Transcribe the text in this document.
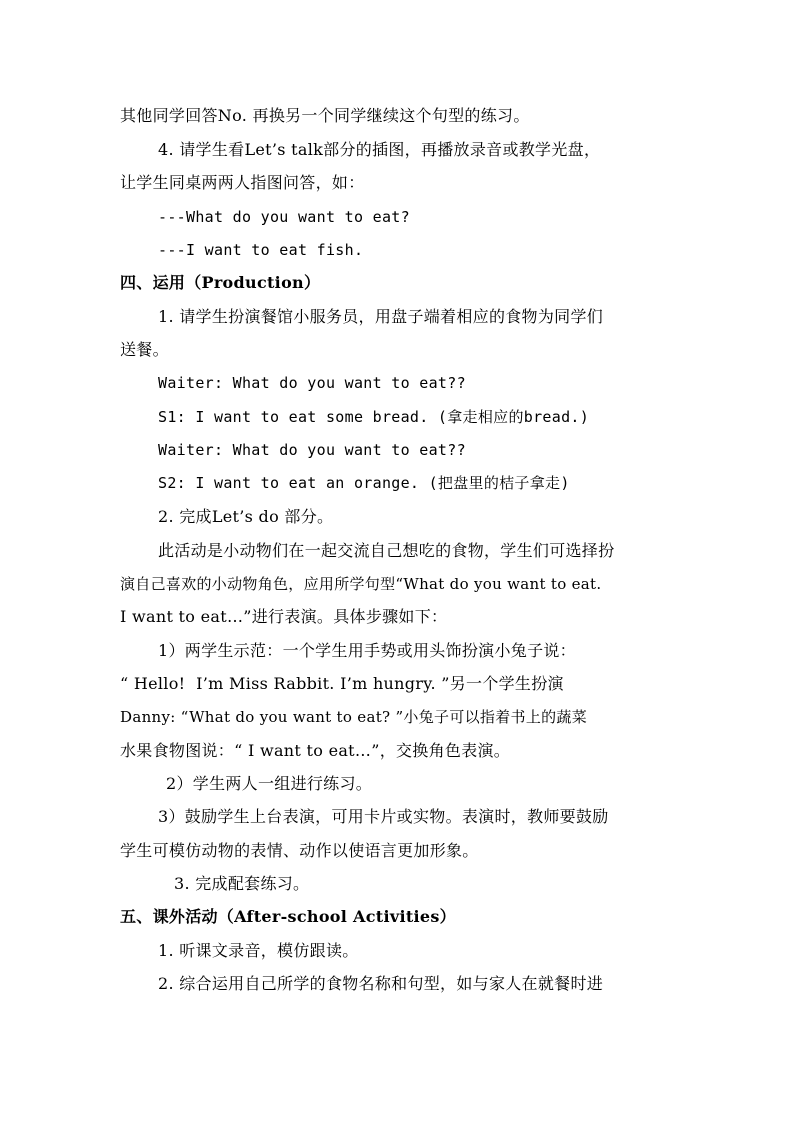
其他同学回答No. 再换另一个同学继续这个句型的练习。
4. 请学生看Let’s talk部分的插图，再播放录音或教学光盘，
让学生同桌两两人指图问答，如：
---What do you want to eat?
---I want to eat fish.
四、运用（Production）
1. 请学生扮演餐馆小服务员，用盘子端着相应的食物为同学们
送餐。
Waiter: What do you want to eat??
S1: I want to eat some bread. (拿走相应的bread.)
Waiter: What do you want to eat??
S2: I want to eat an orange. (把盘里的桔子拿走)
2. 完成Let’s do 部分。
此活动是小动物们在一起交流自己想吃的食物，学生们可选择扮
演自己喜欢的小动物角色，应用所学句型“What do you want to eat.
I want to eat…”进行表演。具体步骤如下：
1）两学生示范：一个学生用手势或用头饰扮演小兔子说：
“ Hello!  I’m Miss Rabbit. I’m hungry. ”另一个学生扮演
Danny: “What do you want to eat? ”小兔子可以指着书上的蔬菜
水果食物图说：“ I want to eat…”，交换角色表演。
2）学生两人一组进行练习。
3）鼓励学生上台表演，可用卡片或实物。表演时，教师要鼓励
学生可模仿动物的表情、动作以使语言更加形象。
3. 完成配套练习。
五、课外活动（After-school Activities）
1. 听课文录音，模仿跟读。
2. 综合运用自己所学的食物名称和句型，如与家人在就餐时进
